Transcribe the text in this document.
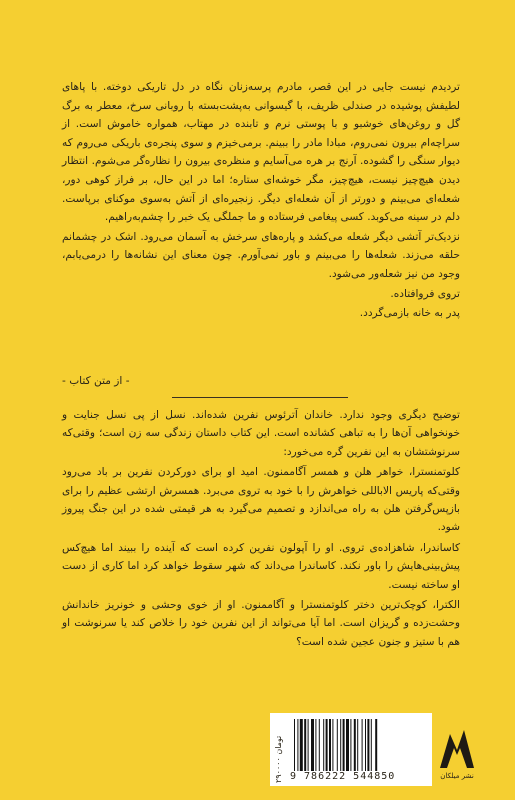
تردیدم نیست جایی در این قصر، مادرم پرسه‌زنان نگاه در دل تاریکی دوخته. با پاهای لطیفش پوشیده در صندلی ظریف، با گیسوانی به‌پشت‌بسته با روبانی سرخ، معطر به برگ گل و روغن‌های خوشبو و با پوستی نرم و تابنده در مهتاب، همواره خاموش است. از سراچه‌ام بیرون نمی‌روم، مبادا مادر را ببینم. برمی‌خیزم و سوی پنجره‌ی باریکی می‌روم که دیوار سنگی را گشوده. آرنج بر هره می‌آسایم و منظره‌ی بیرون را نظاره‌گر می‌شوم. انتظار دیدن هیچ‌چیز نیست، هیچ‌چیز، مگر خوشه‌ای ستاره؛ اما در این حال، بر فراز کوهی دور، شعله‌ای می‌بینم و دورتر از آن شعله‌ای دیگر. زنجیره‌ای از آتش به‌سوی موکنای برپاست. دلم در سینه می‌کوبد. کسی پیغامی فرستاده و ما جملگی یک خبر را چشم‌به‌راهیم.

نزدیک‌تر آتشی دیگر شعله می‌کشد و پاره‌های سرخش به آسمان می‌رود. اشک در چشمانم حلقه می‌زند. شعله‌ها را می‌بینم و باور نمی‌آورم. چون معنای این نشانه‌ها را درمی‌یابم، وجود من نیز شعله‌ور می‌شود.

تروی فروافتاده.

پدر به خانه بازمی‌گردد.

- از متن کتاب -

توضیح دیگری وجود ندارد. خاندان آترئوس نفرین شده‌اند. نسل از پی نسل جنایت و خونخواهی آن‌ها را به تباهی کشانده است. این کتاب داستان زندگی سه زن است؛ وقتی‌که سرنوشتشان به این نفرین گره می‌خورد:

کلوتمنسترا، خواهر هلن و همسر آگاممنون. امید او برای دورکردن نفرین بر باد می‌رود وقتی‌که پاریس الاباللی خواهرش را با خود به تروی می‌برد. همسرش ارتشی عظیم را برای بازپس‌گرفتن هلن به راه می‌اندازد و تصمیم می‌گیرد به هر قیمتی شده در این جنگ پیروز شود.

کاساندرا، شاهزاده‌ی تروی. او را آپولون نفرین کرده است که آینده را ببیند اما هیچ‌کس پیش‌بینی‌هایش را باور نکند. کاساندرا می‌داند که شهر سقوط خواهد کرد اما کاری از دست او ساخته نیست.

الکترا، کوچک‌ترین دختر کلوتمنسترا و آگاممنون. او از خوی وحشی و خونریز خاندانش وحشت‌زده و گریزان است. اما آیا می‌تواند از این نفرین خود را خلاص کند یا سرنوشت او هم با ستیز و جنون عجین شده است؟

9 786222 544850
۲۹۰۰۰۰ تومان
نشر میلکان
